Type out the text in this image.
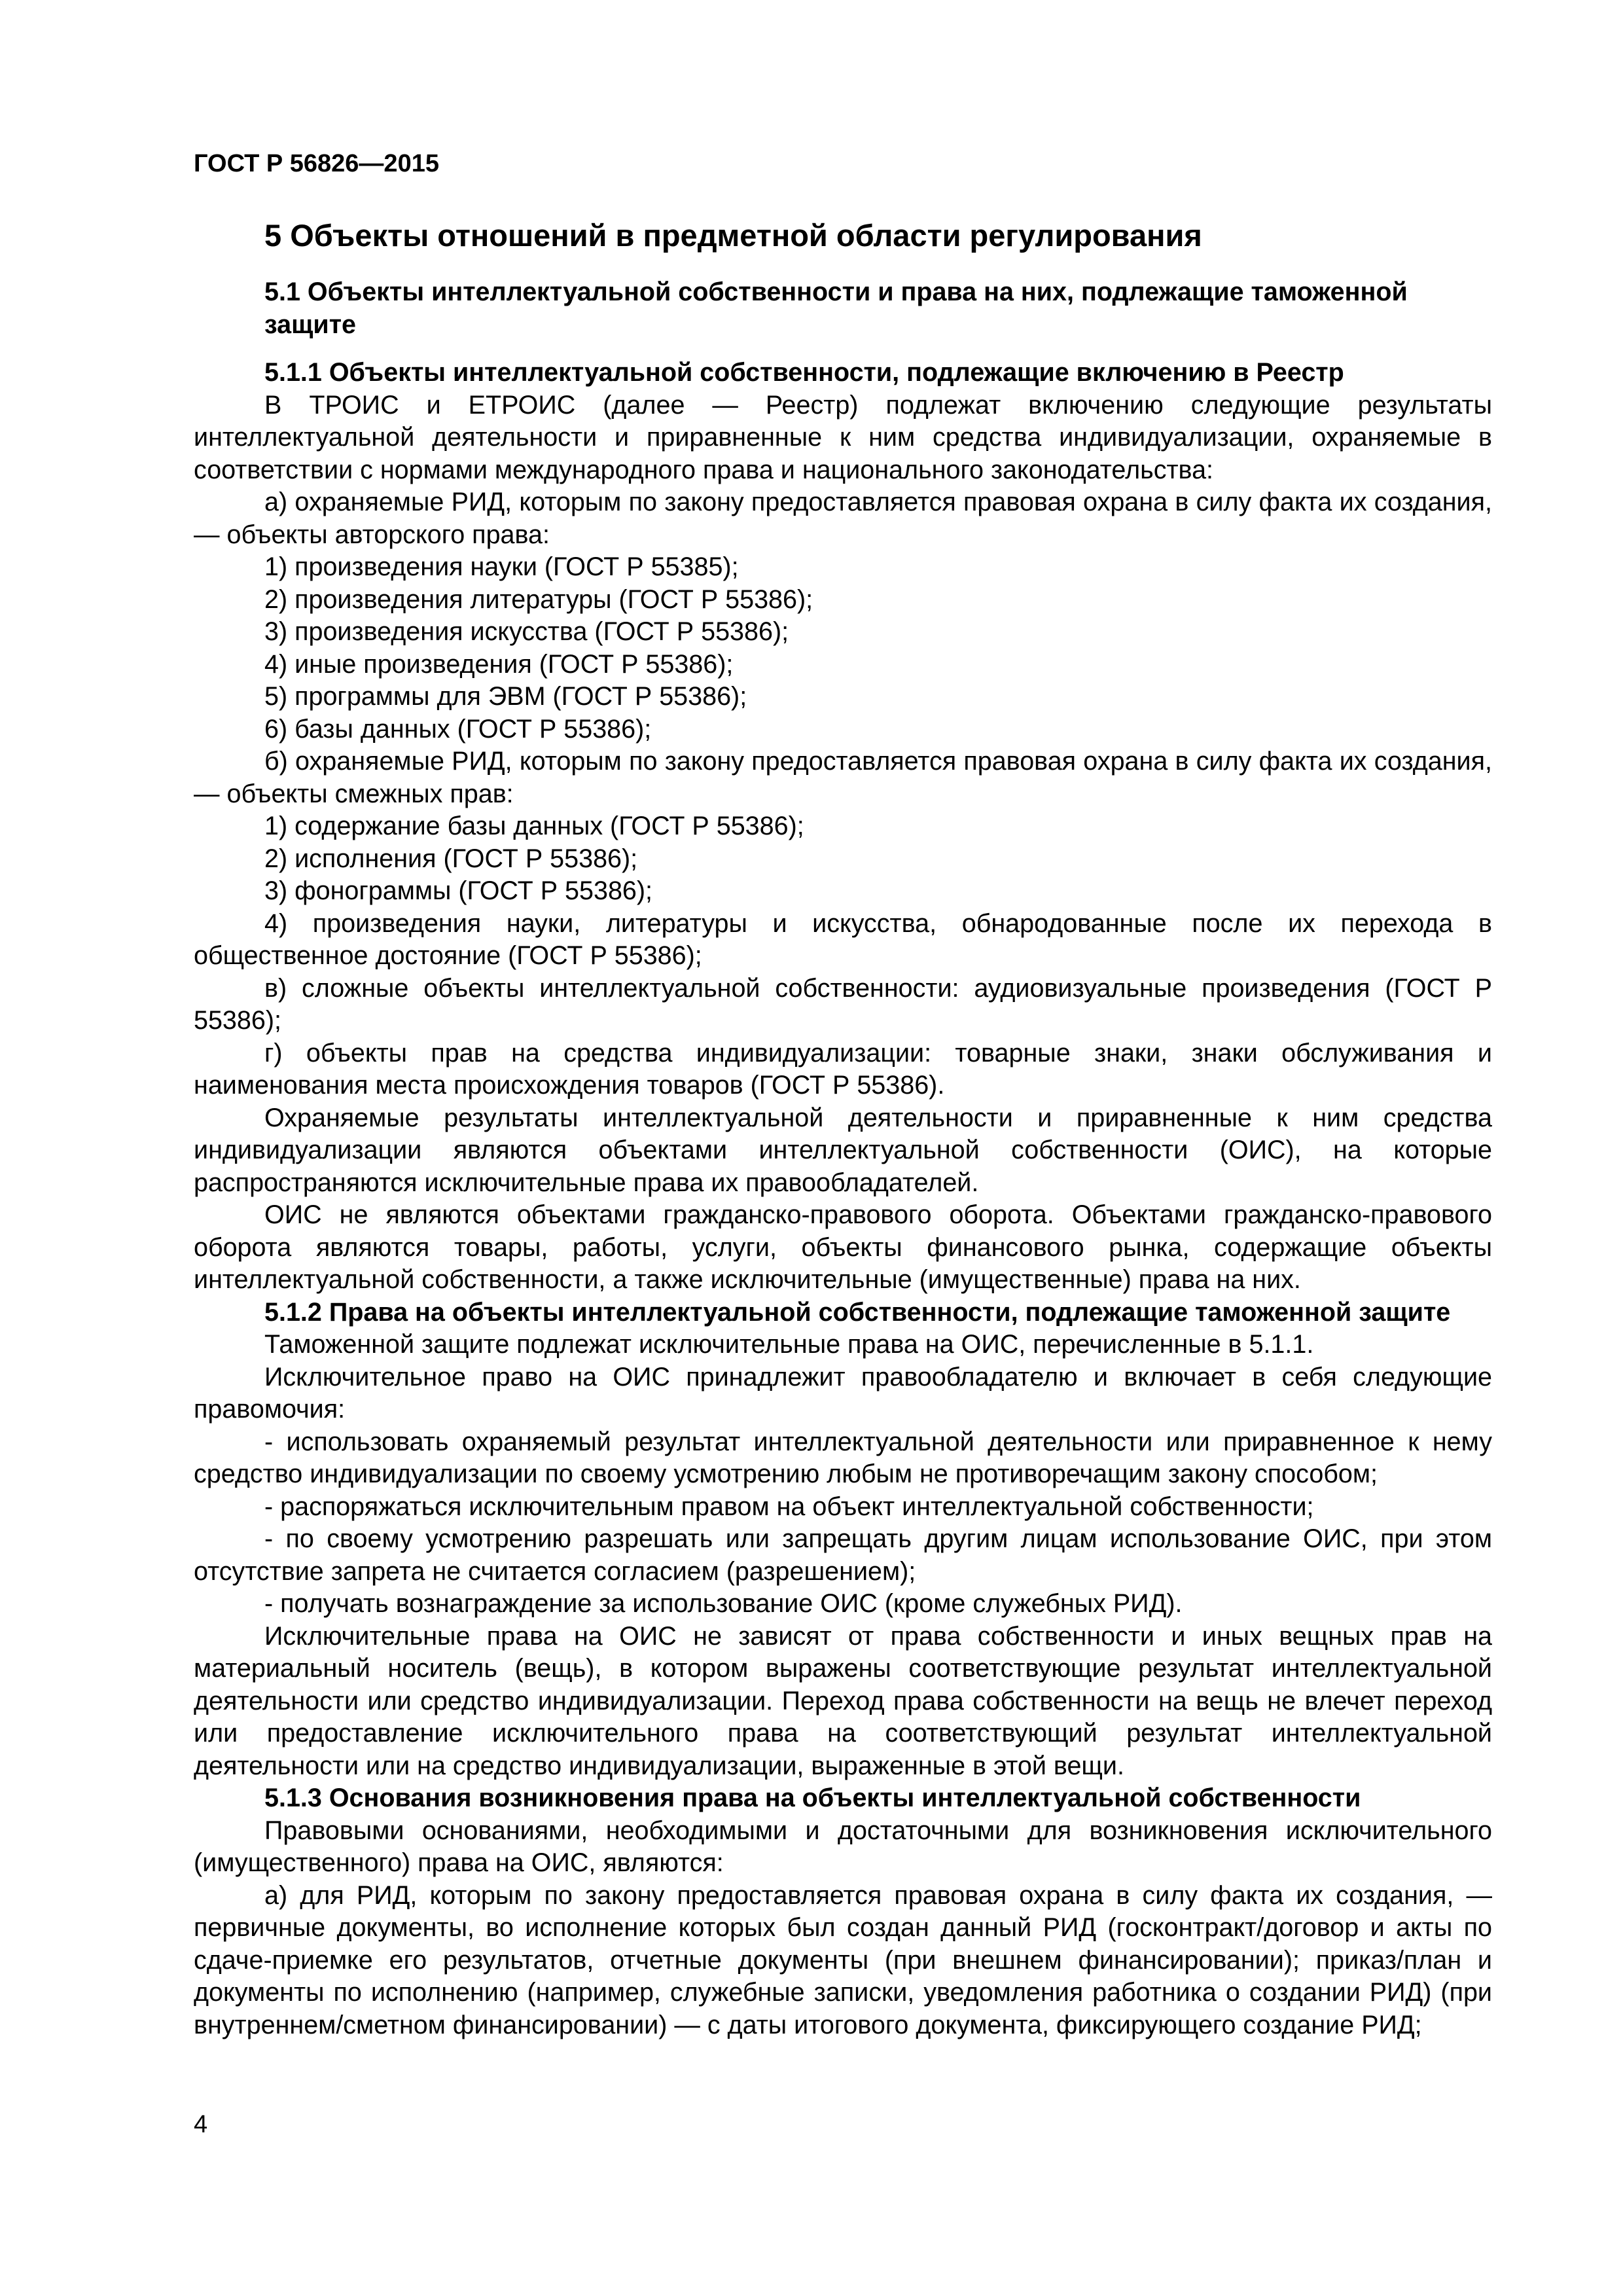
ГОСТ Р 56826—2015
5 Объекты отношений в предметной области регулирования
5.1 Объекты интеллектуальной собственности и права на них, подлежащие таможенной защите
5.1.1 Объекты интеллектуальной собственности, подлежащие включению в Реестр
В ТРОИС и ЕТРОИС (далее — Реестр) подлежат включению следующие результаты интеллектуальной деятельности и приравненные к ним средства индивидуализации, охраняемые в соответствии с нормами международного права и национального законодательства:
а) охраняемые РИД, которым по закону предоставляется правовая охрана в силу факта их создания, — объекты авторского права:
1) произведения науки (ГОСТ Р 55385);
2) произведения литературы (ГОСТ Р 55386);
3) произведения искусства (ГОСТ Р 55386);
4) иные произведения (ГОСТ Р 55386);
5) программы для ЭВМ (ГОСТ Р 55386);
6) базы данных (ГОСТ Р 55386);
б) охраняемые РИД, которым по закону предоставляется правовая охрана в силу факта их создания, — объекты смежных прав:
1) содержание базы данных (ГОСТ Р 55386);
2) исполнения (ГОСТ Р 55386);
3) фонограммы (ГОСТ Р 55386);
4) произведения науки, литературы и искусства, обнародованные после их перехода в общественное достояние (ГОСТ Р 55386);
в) сложные объекты интеллектуальной собственности: аудиовизуальные произведения (ГОСТ Р 55386);
г) объекты прав на средства индивидуализации: товарные знаки, знаки обслуживания и наименования места происхождения товаров (ГОСТ Р 55386).
Охраняемые результаты интеллектуальной деятельности и приравненные к ним средства индивидуализации являются объектами интеллектуальной собственности (ОИС), на которые распространяются исключительные права их правообладателей.
ОИС не являются объектами гражданско-правового оборота. Объектами гражданско-правового оборота являются товары, работы, услуги, объекты финансового рынка, содержащие объекты интеллектуальной собственности, а также исключительные (имущественные) права на них.
5.1.2 Права на объекты интеллектуальной собственности, подлежащие таможенной защите
Таможенной защите подлежат исключительные права на ОИС, перечисленные в 5.1.1.
Исключительное право на ОИС принадлежит правообладателю и включает в себя следующие правомочия:
- использовать охраняемый результат интеллектуальной деятельности или приравненное к нему средство индивидуализации по своему усмотрению любым не противоречащим закону способом;
- распоряжаться исключительным правом на объект интеллектуальной собственности;
- по своему усмотрению разрешать или запрещать другим лицам использование ОИС, при этом отсутствие запрета не считается согласием (разрешением);
- получать вознаграждение за использование ОИС (кроме служебных РИД).
Исключительные права на ОИС не зависят от права собственности и иных вещных прав на материальный носитель (вещь), в котором выражены соответствующие результат интеллектуальной деятельности или средство индивидуализации. Переход права собственности на вещь не влечет переход или предоставление исключительного права на соответствующий результат интеллектуальной деятельности или на средство индивидуализации, выраженные в этой вещи.
5.1.3 Основания возникновения права на объекты интеллектуальной собственности
Правовыми основаниями, необходимыми и достаточными для возникновения исключительного (имущественного) права на ОИС, являются:
а) для РИД, которым по закону предоставляется правовая охрана в силу факта их создания, — первичные документы, во исполнение которых был создан данный РИД (госконтракт/договор и акты по сдаче-приемке его результатов, отчетные документы (при внешнем финансировании); приказ/план и документы по исполнению (например, служебные записки, уведомления работника о создании РИД) (при внутреннем/сметном финансировании) — с даты итогового документа, фиксирующего создание РИД;
4
